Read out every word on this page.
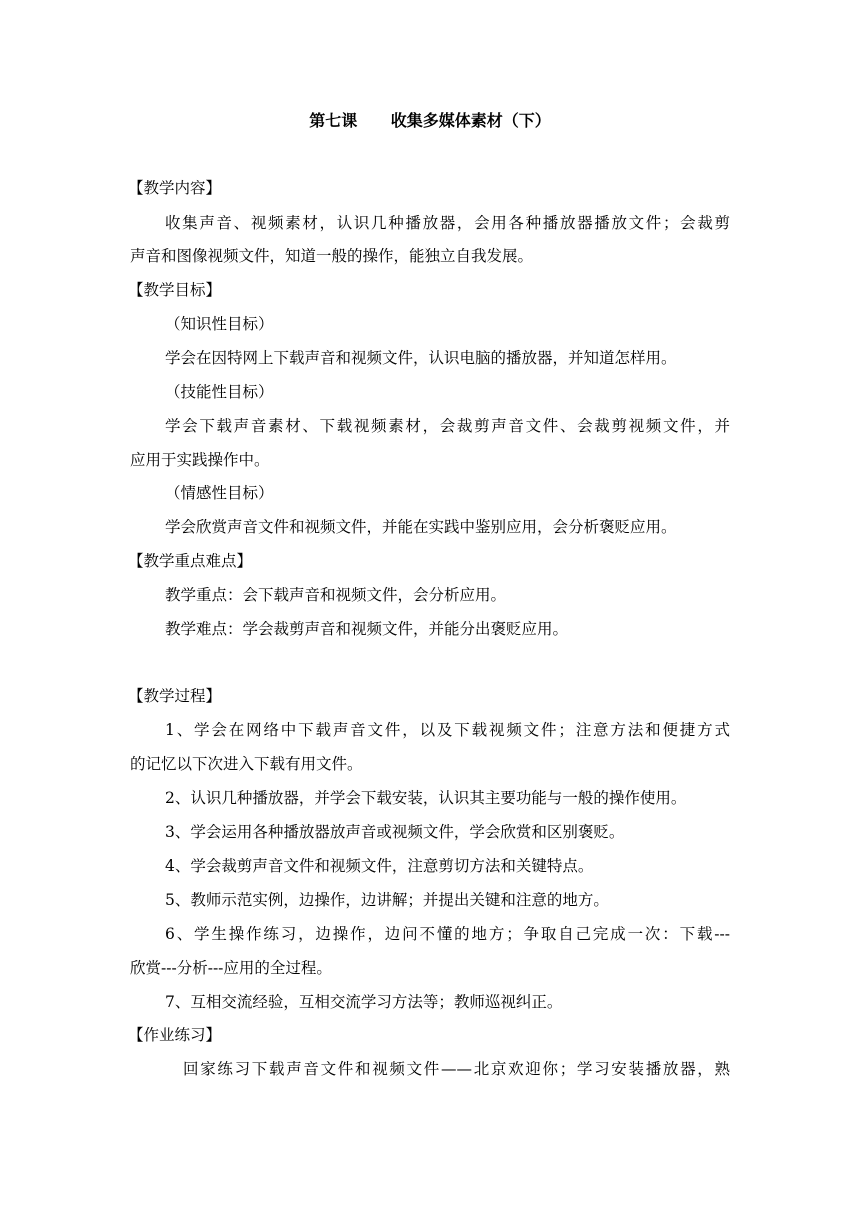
第七课      收集多媒体素材（下）
【教学内容】
收集声音、视频素材，认识几种播放器，会用各种播放器播放文件；会裁剪
声音和图像视频文件，知道一般的操作，能独立自我发展。
【教学目标】
（知识性目标）
学会在因特网上下载声音和视频文件，认识电脑的播放器，并知道怎样用。
（技能性目标）
学会下载声音素材、下载视频素材，会裁剪声音文件、会裁剪视频文件，并
应用于实践操作中。
（情感性目标）
学会欣赏声音文件和视频文件，并能在实践中鉴别应用，会分析褒贬应用。
【教学重点难点】
教学重点：会下载声音和视频文件，会分析应用。
教学难点：学会裁剪声音和视频文件，并能分出褒贬应用。
【教学过程】
1、学会在网络中下载声音文件，以及下载视频文件；注意方法和便捷方式
的记忆以下次进入下载有用文件。
2、认识几种播放器，并学会下载安装，认识其主要功能与一般的操作使用。
3、学会运用各种播放器放声音或视频文件，学会欣赏和区别褒贬。
4、学会裁剪声音文件和视频文件，注意剪切方法和关键特点。
5、教师示范实例，边操作，边讲解；并提出关键和注意的地方。
6、学生操作练习，边操作，边问不懂的地方；争取自己完成一次：下载---
欣赏---分析---应用的全过程。
7、互相交流经验，互相交流学习方法等；教师巡视纠正。
【作业练习】
回家练习下载声音文件和视频文件——北京欢迎你；学习安装播放器，熟
